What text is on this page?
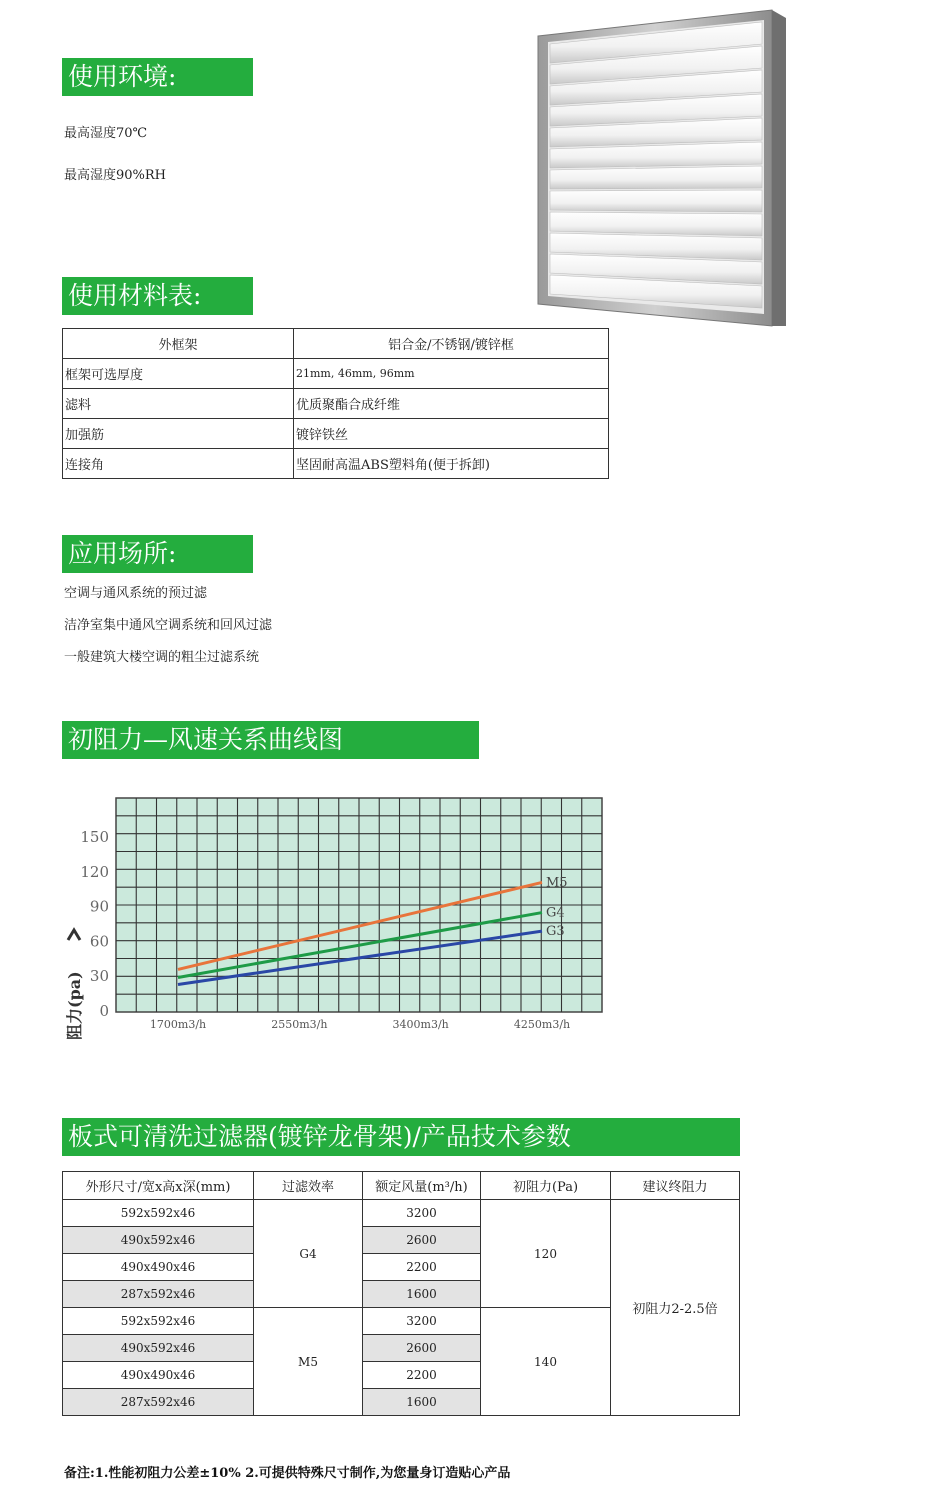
使用环境:
最高湿度70℃
最高湿度90%RH
使用材料表:
外框架	铝合金/不锈钢/镀锌框
框架可选厚度	21mm, 46mm, 96mm
滤料	优质聚酯合成纤维
加强筋	镀锌铁丝
连接角	坚固耐高温ABS塑料角(便于拆卸)
应用场所:
空调与通风系统的预过滤
洁净室集中通风空调系统和回风过滤
一般建筑大楼空调的粗尘过滤系统
初阻力—风速关系曲线图
150
120
90
60
30
0
1700m3/h	2550m3/h	3400m3/h	4250m3/h
阻力(pa)
M5
G4
G3
板式可清洗过滤器(镀锌龙骨架)/产品技术参数
外形尺寸/宽x高x深(mm)	过滤效率	额定风量(m³/h)	初阻力(Pa)	建议终阻力
592x592x46	G4	3200	120	初阻力2-2.5倍
490x592x46		2600		
490x490x46		2200		
287x592x46		1600		
592x592x46	M5	3200	140	
490x592x46		2600		
490x490x46		2200		
287x592x46		1600		
备注:1.性能初阻力公差±10% 2.可提供特殊尺寸制作,为您量身订造贴心产品
